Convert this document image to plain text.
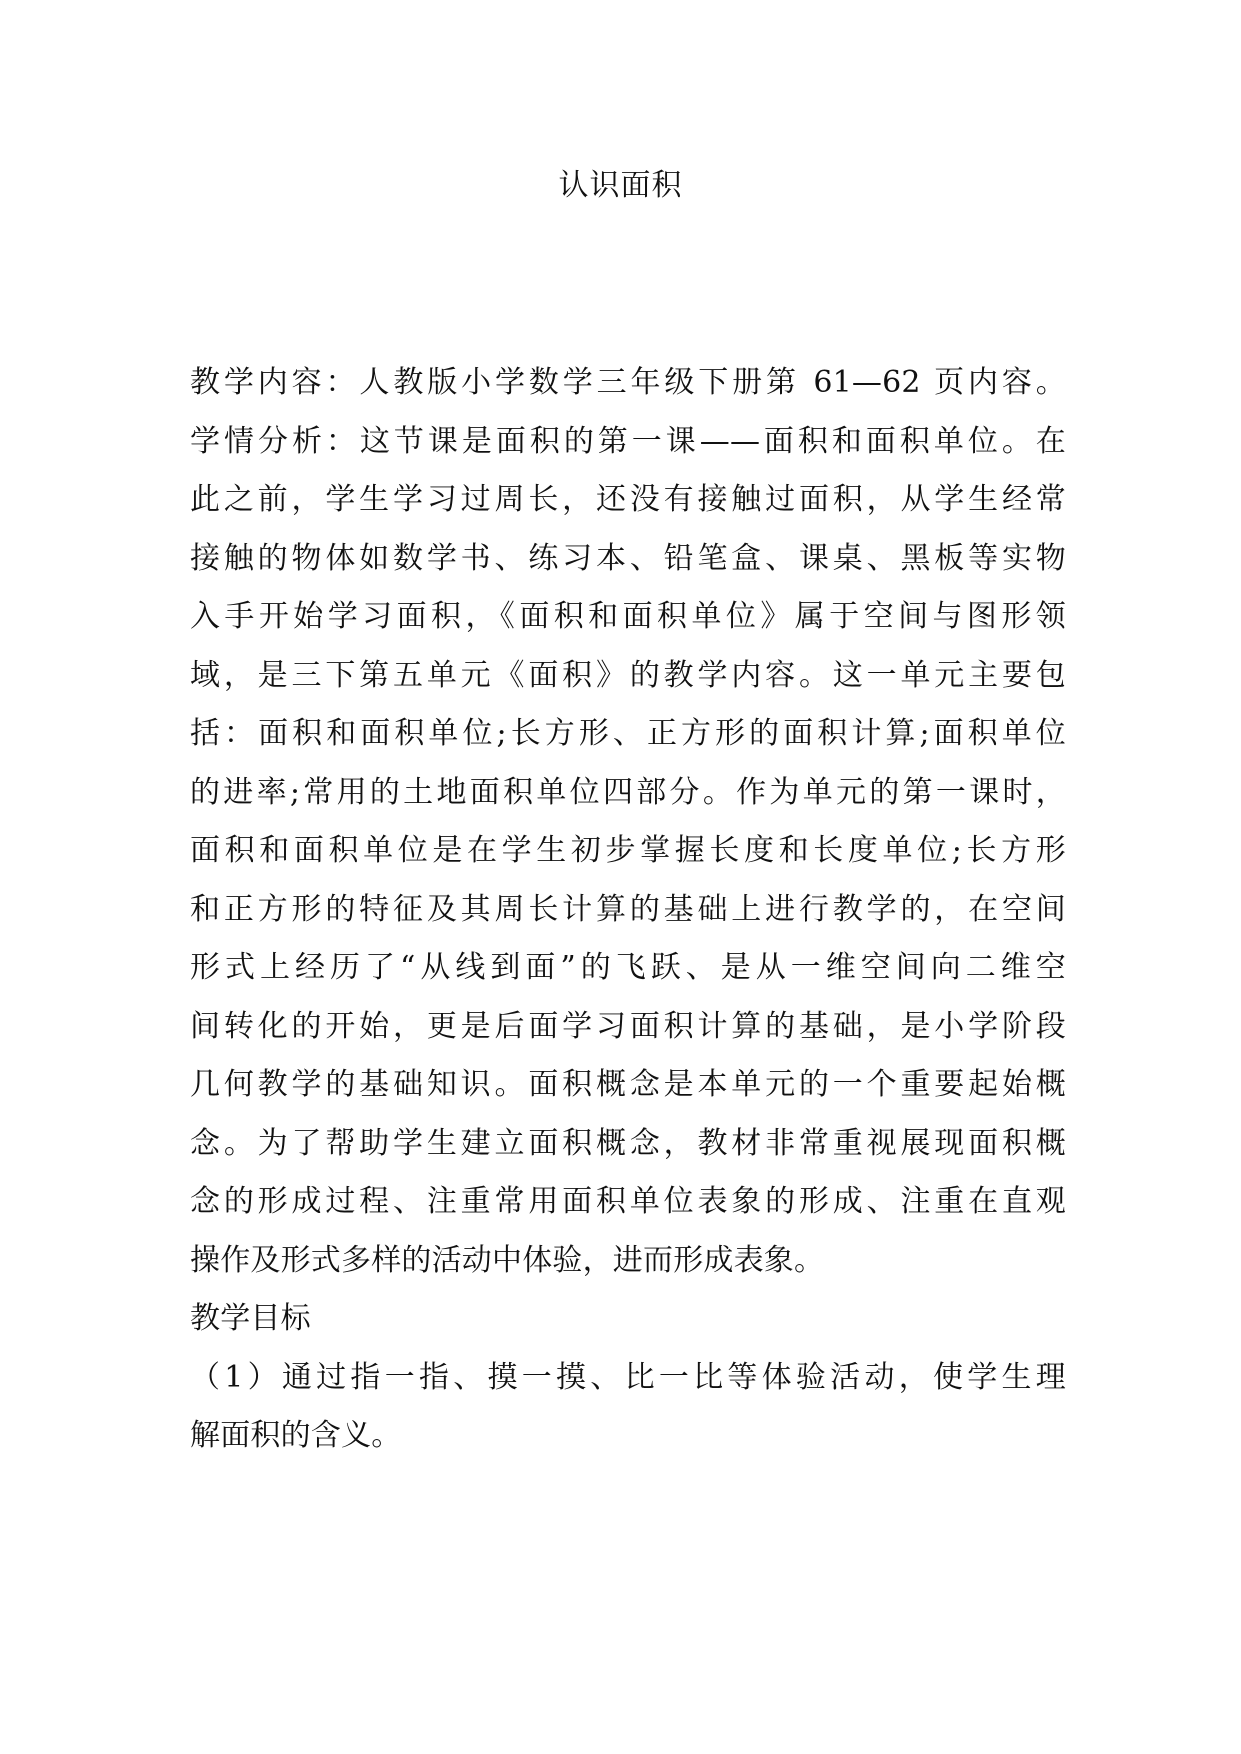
认识面积
教学内容：人教版小学数学三年级下册第 61—62 页内容。
学情分析：这节课是面积的第一课——面积和面积单位。在
此之前，学生学习过周长，还没有接触过面积，从学生经常
接触的物体如数学书、练习本、铅笔盒、课桌、黑板等实物
入手开始学习面积，《面积和面积单位》属于空间与图形领
域，是三下第五单元《面积》的教学内容。这一单元主要包
括：面积和面积单位;长方形、正方形的面积计算;面积单位
的进率;常用的土地面积单位四部分。作为单元的第一课时，
面积和面积单位是在学生初步掌握长度和长度单位;长方形
和正方形的特征及其周长计算的基础上进行教学的，在空间
形式上经历了“从线到面”的飞跃、是从一维空间向二维空
间转化的开始，更是后面学习面积计算的基础，是小学阶段
几何教学的基础知识。面积概念是本单元的一个重要起始概
念。为了帮助学生建立面积概念，教材非常重视展现面积概
念的形成过程、注重常用面积单位表象的形成、注重在直观
操作及形式多样的活动中体验，进而形成表象。
教学目标
（1）通过指一指、摸一摸、比一比等体验活动，使学生理
解面积的含义。
